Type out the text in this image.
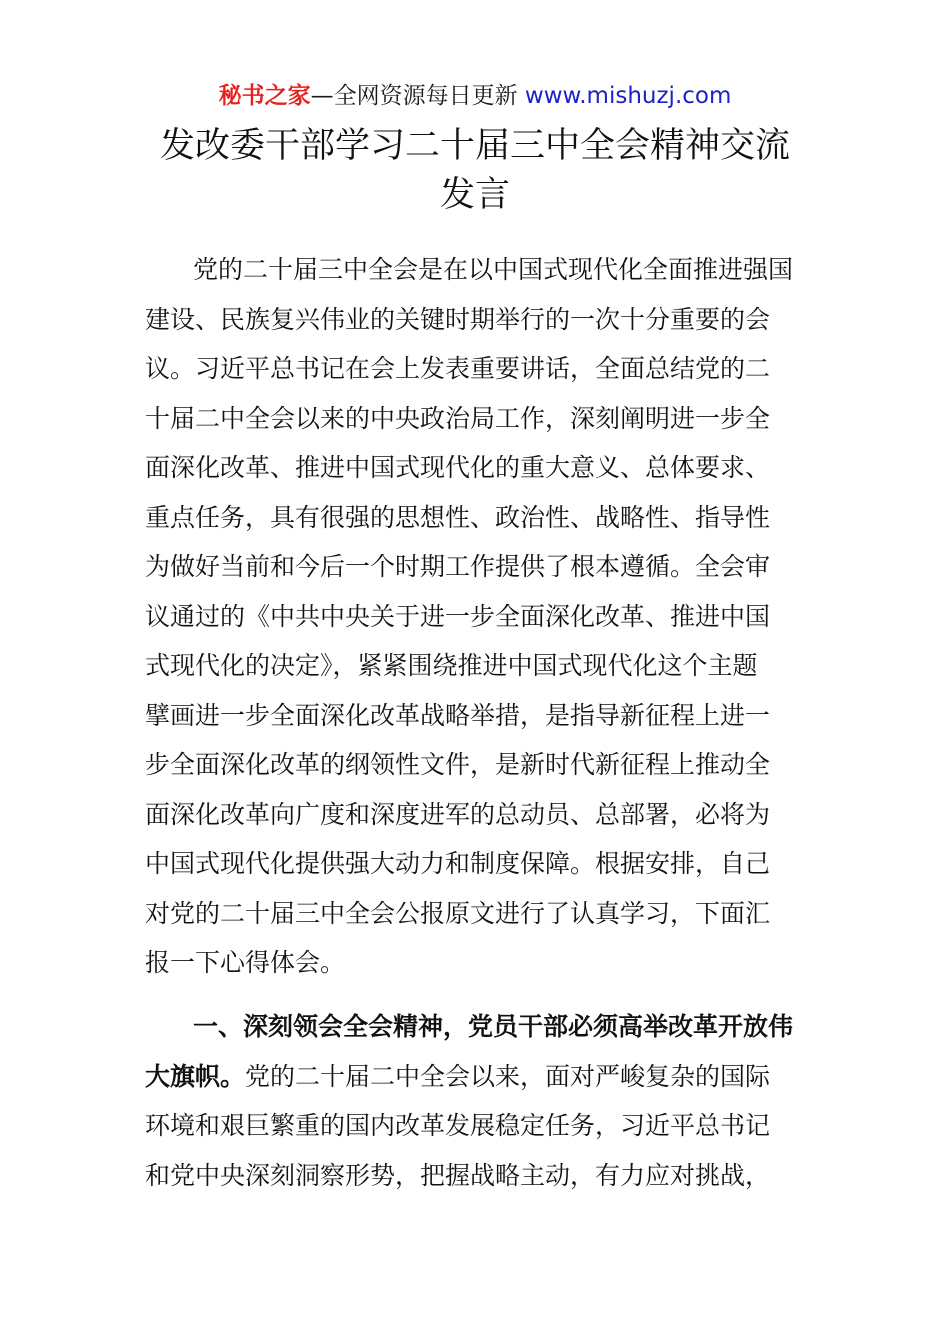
秘书之家—全网资源每日更新 www.mishuzj.com
发改委干部学习二十届三中全会精神交流
发言
党的二十届三中全会是在以中国式现代化全面推进强国
建设、民族复兴伟业的关键时期举行的一次十分重要的会
议。习近平总书记在会上发表重要讲话，全面总结党的二
十届二中全会以来的中央政治局工作，深刻阐明进一步全
面深化改革、推进中国式现代化的重大意义、总体要求、
重点任务，具有很强的思想性、政治性、战略性、指导性
为做好当前和今后一个时期工作提供了根本遵循。全会审
议通过的《中共中央关于进一步全面深化改革、推进中国
式现代化的决定》，紧紧围绕推进中国式现代化这个主题
擘画进一步全面深化改革战略举措，是指导新征程上进一
步全面深化改革的纲领性文件，是新时代新征程上推动全
面深化改革向广度和深度进军的总动员、总部署，必将为
中国式现代化提供强大动力和制度保障。根据安排，自己
对党的二十届三中全会公报原文进行了认真学习，下面汇
报一下心得体会。
一、深刻领会全会精神，党员干部必须高举改革开放伟
大旗帜。党的二十届二中全会以来，面对严峻复杂的国际
环境和艰巨繁重的国内改革发展稳定任务，习近平总书记
和党中央深刻洞察形势，把握战略主动，有力应对挑战，
